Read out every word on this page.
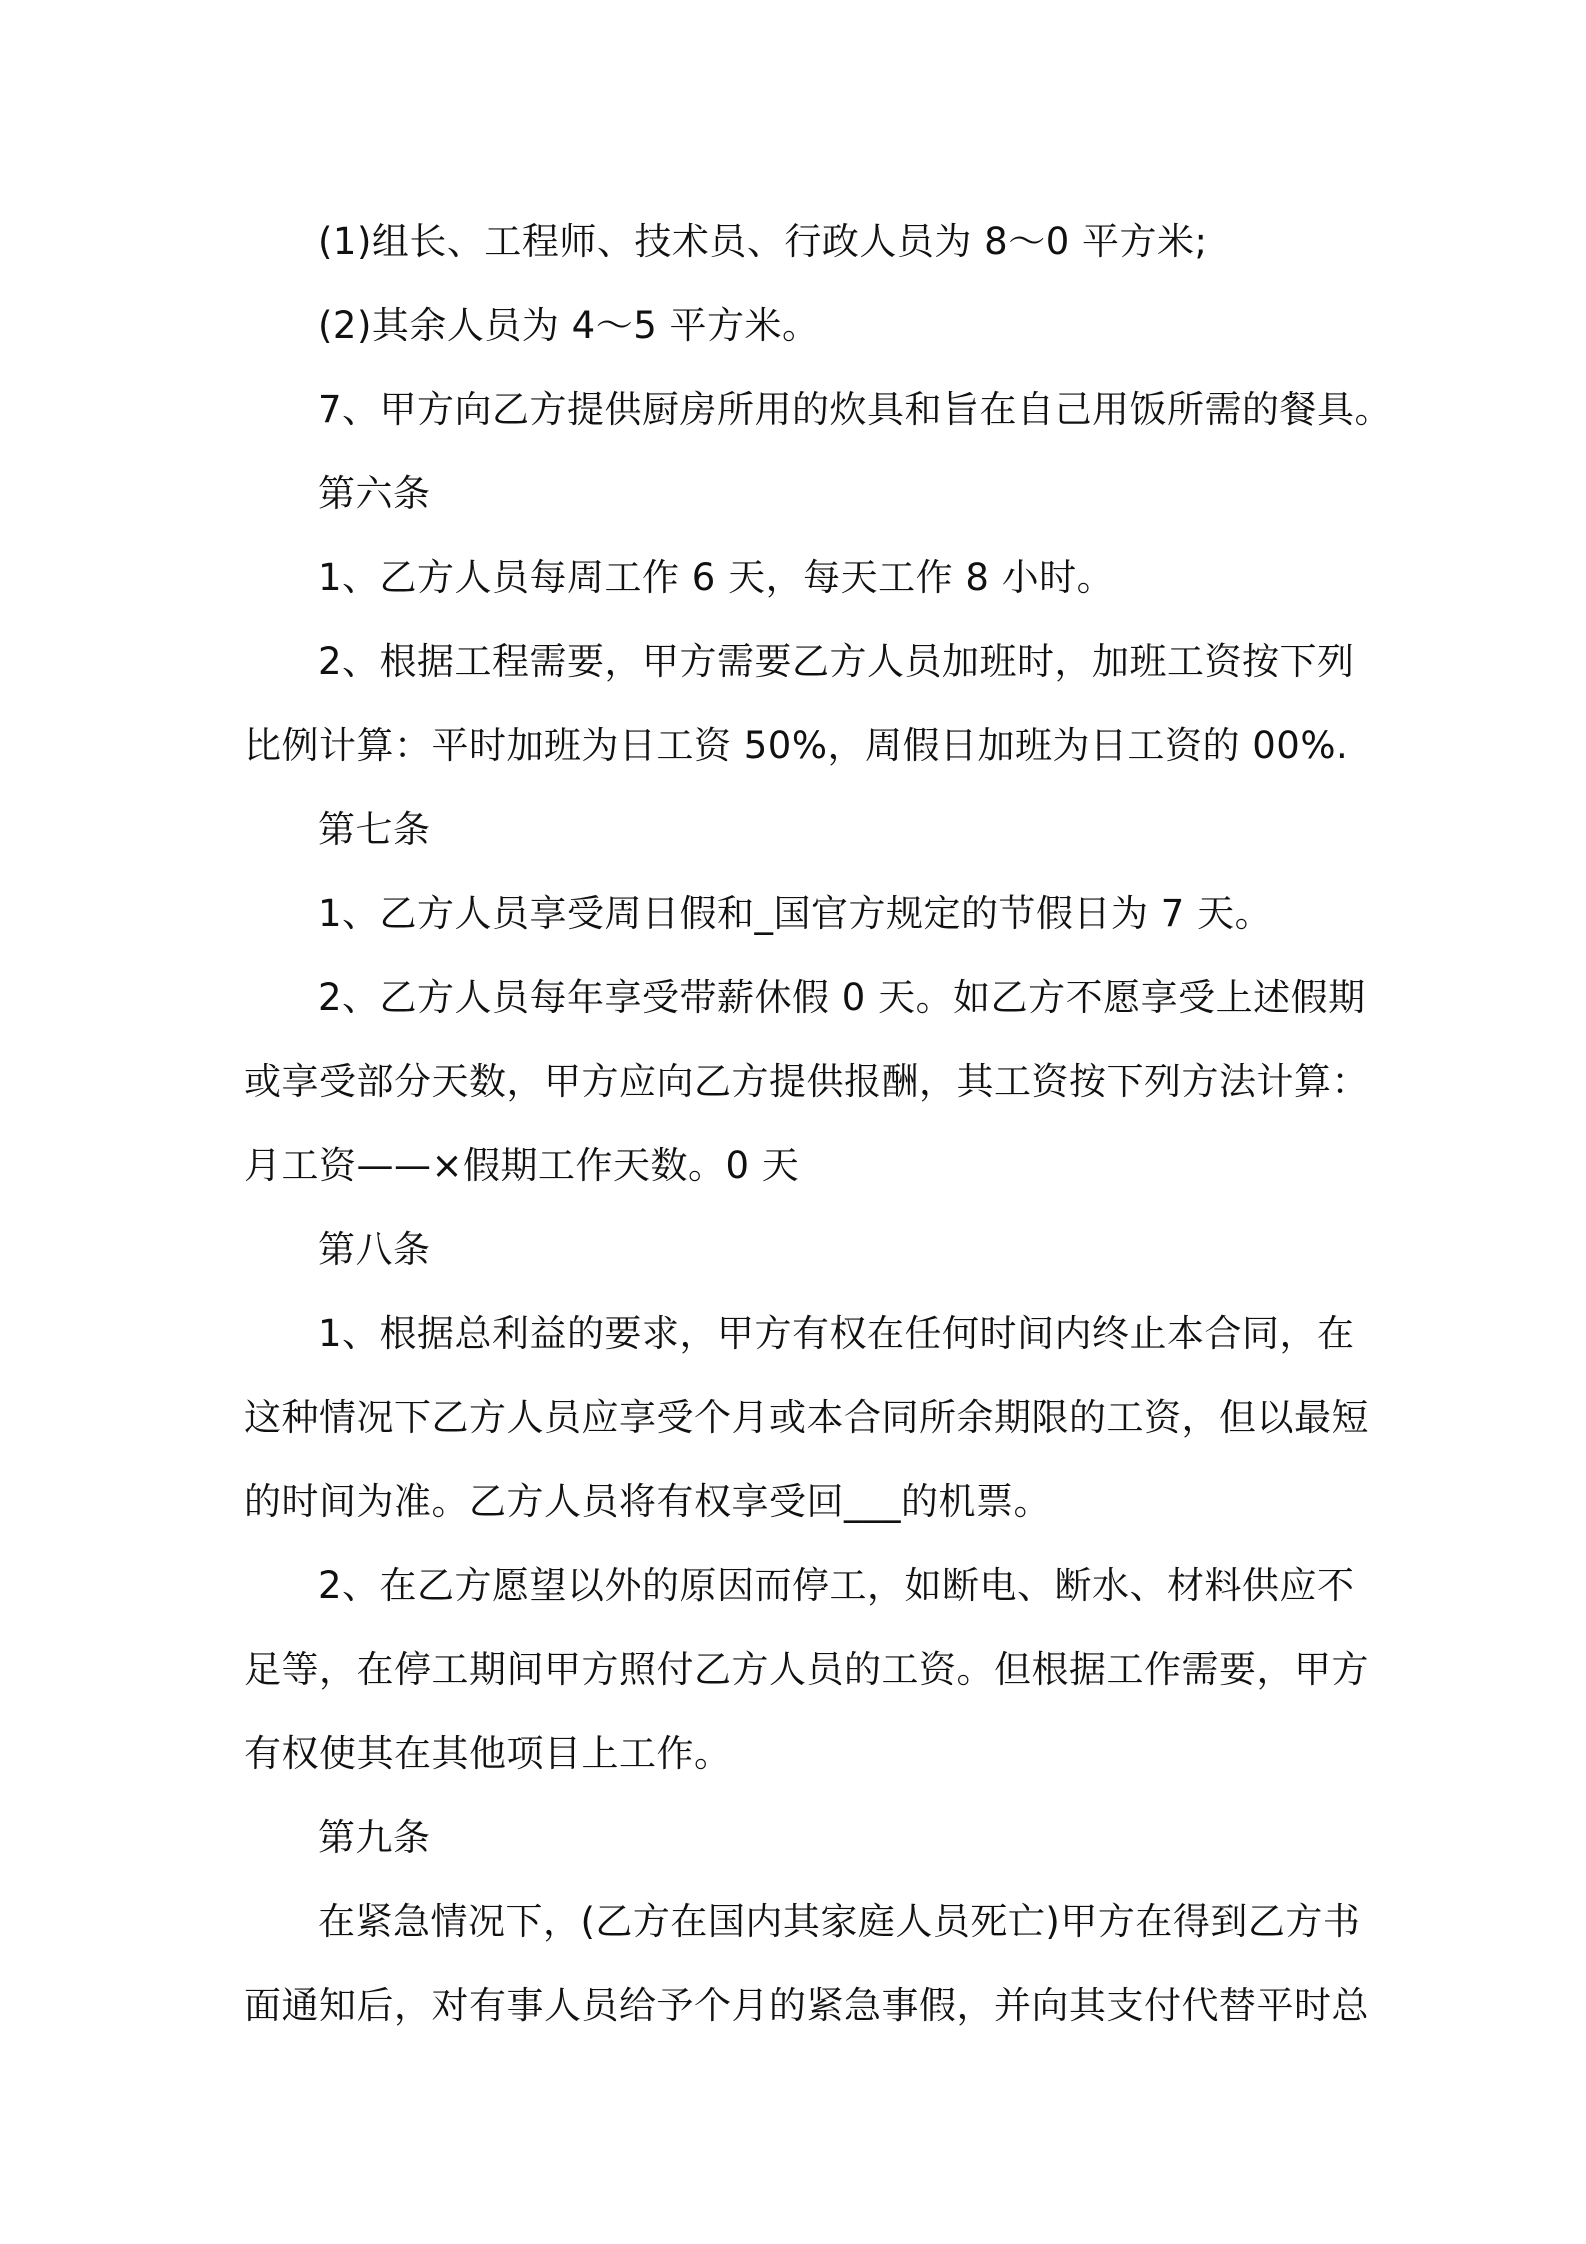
(1)组长、工程师、技术员、行政人员为 8～0 平方米;
(2)其余人员为 4～5 平方米。
7、甲方向乙方提供厨房所用的炊具和旨在自己用饭所需的餐具。
第六条
1、乙方人员每周工作 6 天，每天工作 8 小时。
2、根据工程需要，甲方需要乙方人员加班时，加班工资按下列
比例计算：平时加班为日工资 50%，周假日加班为日工资的 00%.
第七条
1、乙方人员享受周日假和_国官方规定的节假日为 7 天。
2、乙方人员每年享受带薪休假 0 天。如乙方不愿享受上述假期
或享受部分天数，甲方应向乙方提供报酬，其工资按下列方法计算：
月工资——×假期工作天数。0 天
第八条
1、根据总利益的要求，甲方有权在任何时间内终止本合同，在
这种情况下乙方人员应享受个月或本合同所余期限的工资，但以最短
的时间为准。乙方人员将有权享受回___的机票。
2、在乙方愿望以外的原因而停工，如断电、断水、材料供应不
足等，在停工期间甲方照付乙方人员的工资。但根据工作需要，甲方
有权使其在其他项目上工作。
第九条
在紧急情况下，(乙方在国内其家庭人员死亡)甲方在得到乙方书
面通知后，对有事人员给予个月的紧急事假，并向其支付代替平时总
